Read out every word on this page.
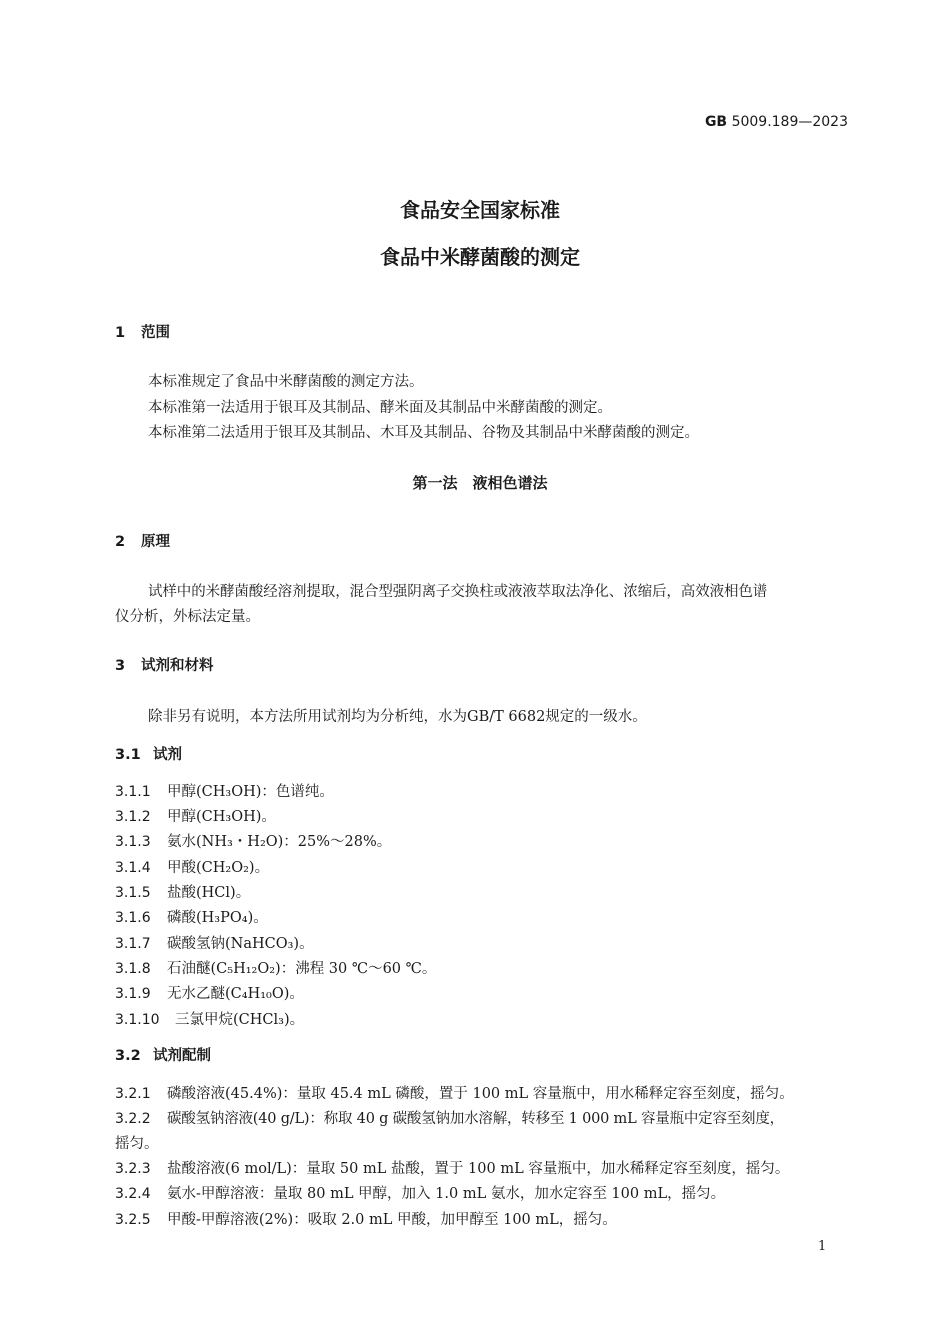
GB 5009.189—2023
食品安全国家标准
食品中米酵菌酸的测定
1 范围
本标准规定了食品中米酵菌酸的测定方法。
本标准第一法适用于银耳及其制品、酵米面及其制品中米酵菌酸的测定。
本标准第二法适用于银耳及其制品、木耳及其制品、谷物及其制品中米酵菌酸的测定。
第一法　液相色谱法
2 原理
试样中的米酵菌酸经溶剂提取，混合型强阴离子交换柱或液液萃取法净化、浓缩后，高效液相色谱
仪分析，外标法定量。
3 试剂和材料
除非另有说明，本方法所用试剂均为分析纯，水为GB/T 6682规定的一级水。
3.1 试剂
3.1.1 甲醇(CH₃OH)：色谱纯。
3.1.2 甲醇(CH₃OH)。
3.1.3 氨水(NH₃・H₂O)：25%～28%。
3.1.4 甲酸(CH₂O₂)。
3.1.5 盐酸(HCl)。
3.1.6 磷酸(H₃PO₄)。
3.1.7 碳酸氢钠(NaHCO₃)。
3.1.8 石油醚(C₅H₁₂O₂)：沸程 30 ℃～60 ℃。
3.1.9 无水乙醚(C₄H₁₀O)。
3.1.10 三氯甲烷(CHCl₃)。
3.2 试剂配制
3.2.1 磷酸溶液(45.4%)：量取 45.4 mL 磷酸，置于 100 mL 容量瓶中，用水稀释定容至刻度，摇匀。
3.2.2 碳酸氢钠溶液(40 g/L)：称取 40 g 碳酸氢钠加水溶解，转移至 1 000 mL 容量瓶中定容至刻度，
摇匀。
3.2.3 盐酸溶液(6 mol/L)：量取 50 mL 盐酸，置于 100 mL 容量瓶中，加水稀释定容至刻度，摇匀。
3.2.4 氨水-甲醇溶液：量取 80 mL 甲醇，加入 1.0 mL 氨水，加水定容至 100 mL，摇匀。
3.2.5 甲酸-甲醇溶液(2%)：吸取 2.0 mL 甲酸，加甲醇至 100 mL，摇匀。
1
